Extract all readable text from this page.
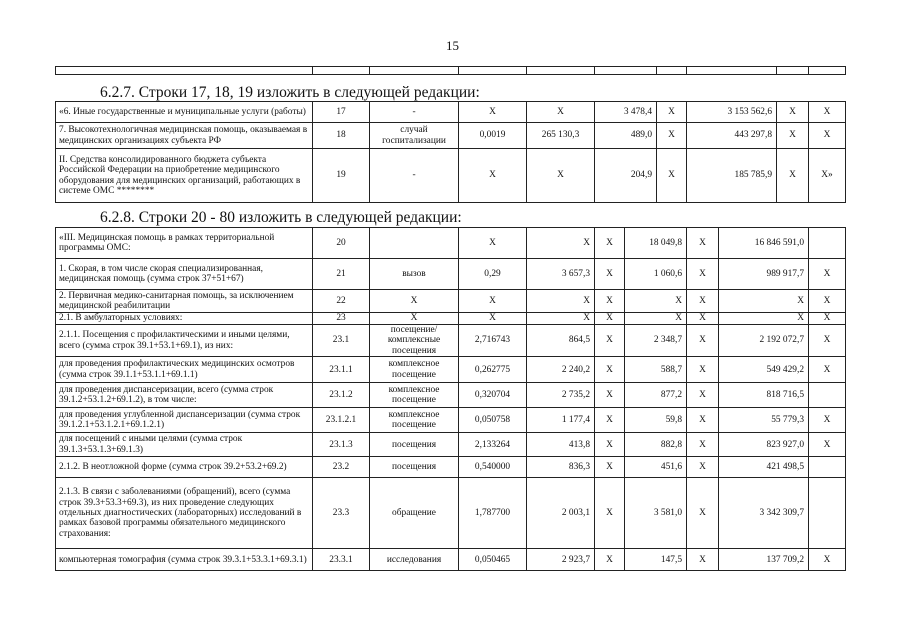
15

6.2.7. Строки 17, 18, 19 изложить в следующей редакции:
«6. Иные государственные и муниципальные услуги (работы)	17	-	X	X	3 478,4	X	3 153 562,6	X	X
7. Высокотехнологичная медицинская помощь, оказываемая в медицинских организациях субъекта РФ	18	случай госпитализации	0,0019	265 130,3	489,0	X	443 297,8	X	X
II. Средства консолидированного бюджета субъекта Российской Федерации на приобретение медицинского оборудования для медицинских организаций, работающих в системе ОМС ********	19	-	X	X	204,9	X	185 785,9	X	X»
6.2.8. Строки 20 - 80 изложить в следующей редакции:
«III. Медицинская помощь в рамках территориальной программы ОМС:	20		X	X	X	18 049,8	X	16 846 591,0	
1. Скорая, в том числе скорая специализированная, медицинская помощь (сумма строк 37+51+67)	21	вызов	0,29	3 657,3	X	1 060,6	X	989 917,7	X
2. Первичная медико-санитарная помощь, за исключением медицинской реабилитации	22	X	X	X	X	X	X	X	X
2.1. В амбулаторных условиях:	23	X	X	X	X	X	X	X	X
2.1.1. Посещения с профилактическими и иными целями, всего (сумма строк 39.1+53.1+69.1), из них:	23.1	посещение/комплексные посещения	2,716743	864,5	X	2 348,7	X	2 192 072,7	X
для проведения профилактических медицинских осмотров (сумма строк 39.1.1+53.1.1+69.1.1)	23.1.1	комплексное посещение	0,262775	2 240,2	X	588,7	X	549 429,2	X
для проведения диспансеризации, всего (сумма строк 39.1.2+53.1.2+69.1.2), в том числе:	23.1.2	комплексное посещение	0,320704	2 735,2	X	877,2	X	818 716,5	
для проведения углубленной диспансеризации (сумма строк 39.1.2.1+53.1.2.1+69.1.2.1)	23.1.2.1	комплексное посещение	0,050758	1 177,4	X	59,8	X	55 779,3	X
для посещений с иными целями (сумма строк 39.1.3+53.1.3+69.1.3)	23.1.3	посещения	2,133264	413,8	X	882,8	X	823 927,0	X
2.1.2. В неотложной форме (сумма строк 39.2+53.2+69.2)	23.2	посещения	0,540000	836,3	X	451,6	X	421 498,5	
2.1.3. В связи с заболеваниями (обращений), всего (сумма строк 39.3+53.3+69.3), из них проведение следующих отдельных диагностических (лабораторных) исследований в рамках базовой программы обязательного медицинского страхования:	23.3	обращение	1,787700	2 003,1	X	3 581,0	X	3 342 309,7	
компьютерная томография (сумма строк 39.3.1+53.3.1+69.3.1)	23.3.1	исследования	0,050465	2 923,7	X	147,5	X	137 709,2	X
